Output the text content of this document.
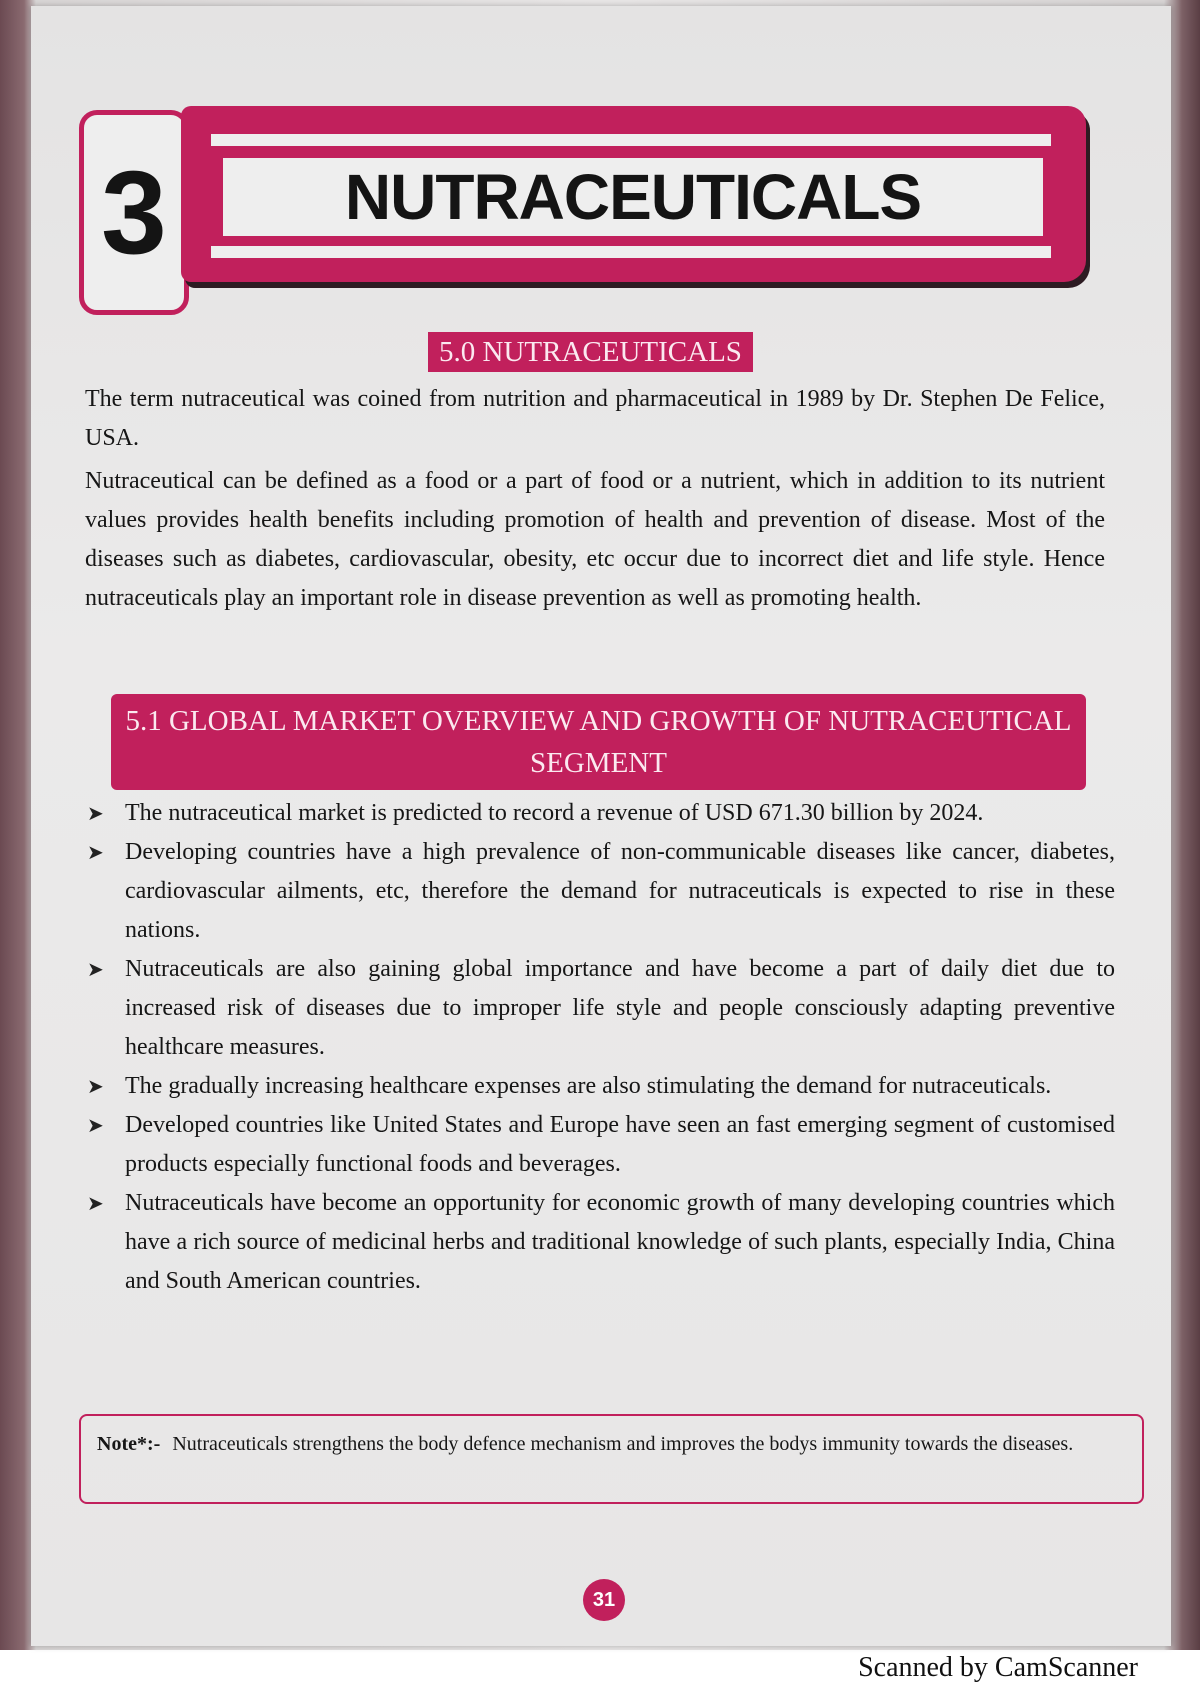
3	NUTRACEUTICALS
5.0 NUTRACEUTICALS

The term nutraceutical was coined from nutrition and pharmaceutical in 1989 by Dr. Stephen De Felice, USA.

Nutraceutical can be defined as a food or a part of food or a nutrient, which in addition to its nutrient values provides health benefits including promotion of health and prevention of disease. Most of the diseases such as diabetes, cardiovascular, obesity, etc occur due to incorrect diet and life style. Hence nutraceuticals play an important role in disease prevention as well as promoting health.

5.1 GLOBAL MARKET OVERVIEW AND GROWTH OF NUTRACEUTICAL
SEGMENT
➤ The nutraceutical market is predicted to record a revenue of USD 671.30 billion by 2024.
➤ Developing countries have a high prevalence of non-communicable diseases like cancer, diabetes, cardiovascular ailments, etc, therefore the demand for nutraceuticals is expected to rise in these nations.
➤ Nutraceuticals are also gaining global importance and have become a part of daily diet due to increased risk of diseases due to improper life style and people consciously adapting preventive healthcare measures.
➤ The gradually increasing healthcare expenses are also stimulating the demand for nutraceuticals.
➤ Developed countries like United States and Europe have seen an fast emerging segment of customised products especially functional foods and beverages.
➤ Nutraceuticals have become an opportunity for economic growth of many developing countries which have a rich source of medicinal herbs and traditional knowledge of such plants, especially India, China and South American countries.
Note*:- Nutraceuticals strengthens the body defence mechanism and improves the bodys immunity towards the diseases.
31
Scanned by CamScanner
